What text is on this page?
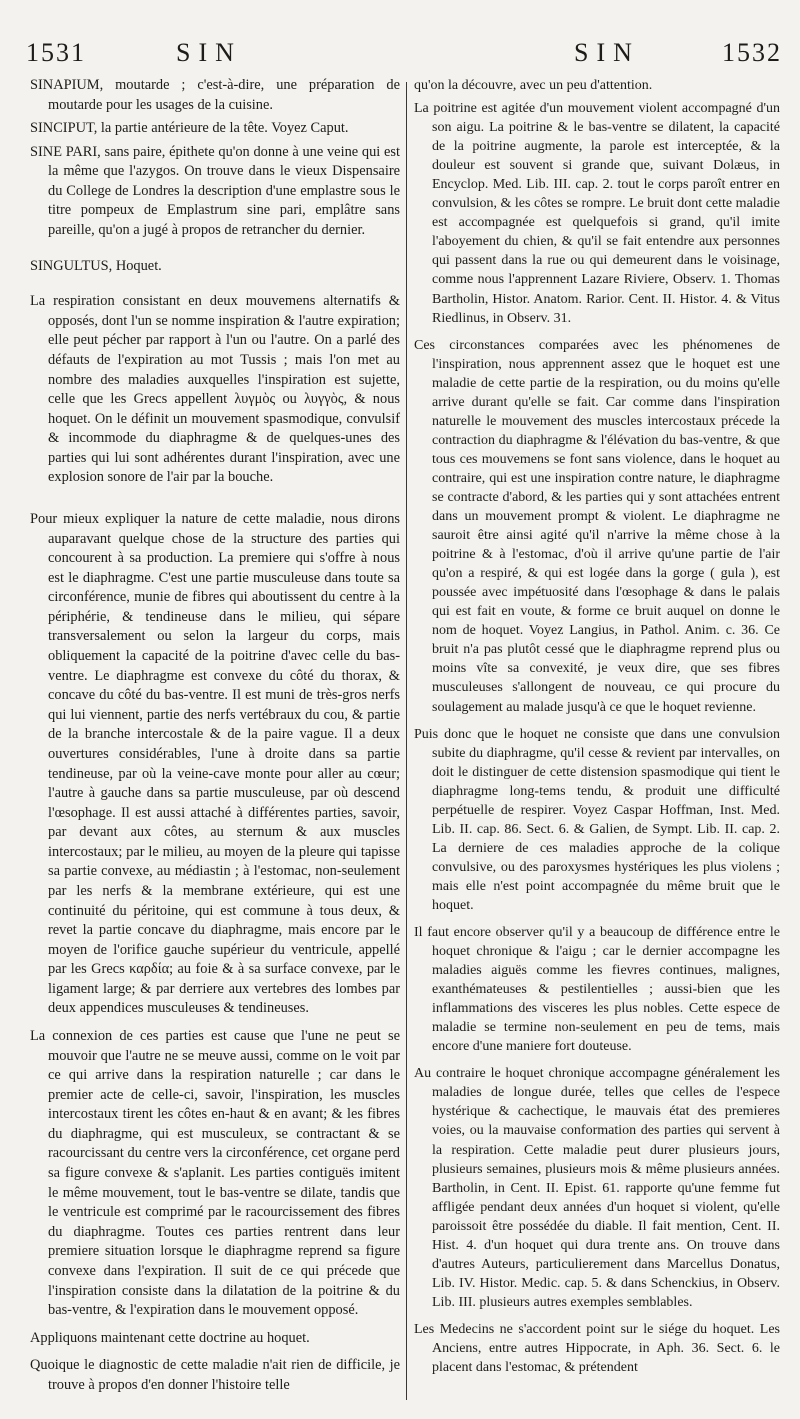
1531	SIN	SIN	1532

SINAPIUM, moutarde ; c'est-à-dire, une préparation de moutarde pour les usages de la cuisine.

SINCIPUT, la partie antérieure de la tête. Voyez Caput.

SINE PARI, sans paire, épithete qu'on donne à une veine qui est la même que l'azygos. On trouve dans le vieux Dispensaire du College de Londres la description d'une emplastre sous le titre pompeux de Emplastrum sine pari, emplâtre sans pareille, qu'on a jugé à propos de retrancher du dernier.

SINGULTUS, Hoquet.

La respiration consistant en deux mouvemens alternatifs & opposés, dont l'un se nomme inspiration & l'autre expiration; elle peut pécher par rapport à l'un ou l'autre. On a parlé des défauts de l'expiration au mot Tussis ; mais l'on met au nombre des maladies auxquelles l'inspiration est sujette, celle que les Grecs appellent λυγμὸς ou λυγγὸς, & nous hoquet. On le définit un mouvement spasmodique, convulsif & incommode du diaphragme & de quelques-unes des parties qui lui sont adhérentes durant l'inspiration, avec une explosion sonore de l'air par la bouche.

Pour mieux expliquer la nature de cette maladie, nous dirons auparavant quelque chose de la structure des parties qui concourent à sa production. La premiere qui s'offre à nous est le diaphragme. C'est une partie musculeuse dans toute sa circonférence, munie de fibres qui aboutissent du centre à la périphérie, & tendineuse dans le milieu, qui sépare transversalement ou selon la largeur du corps, mais obliquement la capacité de la poitrine d'avec celle du bas-ventre. Le diaphragme est convexe du côté du thorax, & concave du côté du bas-ventre. Il est muni de très-gros nerfs qui lui viennent, partie des nerfs vertébraux du cou, & partie de la branche intercostale & de la paire vague. Il a deux ouvertures considérables, l'une à droite dans sa partie tendineuse, par où la veine-cave monte pour aller au cœur; l'autre à gauche dans sa partie musculeuse, par où descend l'œsophage. Il est aussi attaché à différentes parties, savoir, par devant aux côtes, au sternum & aux muscles intercostaux; par le milieu, au moyen de la pleure qui tapisse sa partie convexe, au médiastin ; à l'estomac, non-seulement par les nerfs & la membrane extérieure, qui est une continuité du péritoine, qui est commune à tous deux, & revet la partie concave du diaphragme, mais encore par le moyen de l'orifice gauche supérieur du ventricule, appellé par les Grecs καρδία; au foie & à sa surface convexe, par le ligament large; & par derriere aux vertebres des lombes par deux appendices musculeuses & tendineuses.

La connexion de ces parties est cause que l'une ne peut se mouvoir que l'autre ne se meuve aussi, comme on le voit par ce qui arrive dans la respiration naturelle ; car dans le premier acte de celle-ci, savoir, l'inspiration, les muscles intercostaux tirent les côtes en-haut & en avant; & les fibres du diaphragme, qui est musculeux, se contractant & se racourcissant du centre vers la circonférence, cet organe perd sa figure convexe & s'aplanit. Les parties contiguës imitent le même mouvement, tout le bas-ventre se dilate, tandis que le ventricule est comprimé par le racourcissement des fibres du diaphragme. Toutes ces parties rentrent dans leur premiere situation lorsque le diaphragme reprend sa figure convexe dans l'expiration. Il suit de ce qui précede que l'inspiration consiste dans la dilatation de la poitrine & du bas-ventre, & l'expiration dans le mouvement opposé.

Appliquons maintenant cette doctrine au hoquet.

Quoique le diagnostic de cette maladie n'ait rien de difficile, je trouve à propos d'en donner l'histoire telle

qu'on la découvre, avec un peu d'attention.

La poitrine est agitée d'un mouvement violent accompagné d'un son aigu. La poitrine & le bas-ventre se dilatent, la capacité de la poitrine augmente, la parole est interceptée, & la douleur est souvent si grande que, suivant Dolæus, in Encyclop. Med. Lib. III. cap. 2. tout le corps paroît entrer en convulsion, & les côtes se rompre. Le bruit dont cette maladie est accompagnée est quelquefois si grand, qu'il imite l'aboyement du chien, & qu'il se fait entendre aux personnes qui passent dans la rue ou qui demeurent dans le voisinage, comme nous l'apprennent Lazare Riviere, Observ. 1. Thomas Bartholin, Histor. Anatom. Rarior. Cent. II. Histor. 4. & Vitus Riedlinus, in Observ. 31.

Ces circonstances comparées avec les phénomenes de l'inspiration, nous apprennent assez que le hoquet est une maladie de cette partie de la respiration, ou du moins qu'elle arrive durant qu'elle se fait. Car comme dans l'inspiration naturelle le mouvement des muscles intercostaux précede la contraction du diaphragme & l'élévation du bas-ventre, & que tous ces mouvemens se font sans violence, dans le hoquet au contraire, qui est une inspiration contre nature, le diaphragme se contracte d'abord, & les parties qui y sont attachées entrent dans un mouvement prompt & violent. Le diaphragme ne sauroit être ainsi agité qu'il n'arrive la même chose à la poitrine & à l'estomac, d'où il arrive qu'une partie de l'air qu'on a respiré, & qui est logée dans la gorge ( gula ), est poussée avec impétuosité dans l'œsophage & dans le palais qui est fait en voute, & forme ce bruit auquel on donne le nom de hoquet. Voyez Langius, in Pathol. Anim. c. 36. Ce bruit n'a pas plutôt cessé que le diaphragme reprend plus ou moins vîte sa convexité, je veux dire, que ses fibres musculeuses s'allongent de nouveau, ce qui procure du soulagement au malade jusqu'à ce que le hoquet revienne.

Puis donc que le hoquet ne consiste que dans une convulsion subite du diaphragme, qu'il cesse & revient par intervalles, on doit le distinguer de cette distension spasmodique qui tient le diaphragme long-tems tendu, & produit une difficulté perpétuelle de respirer. Voyez Caspar Hoffman, Inst. Med. Lib. II. cap. 86. Sect. 6. & Galien, de Sympt. Lib. II. cap. 2. La derniere de ces maladies approche de la colique convulsive, ou des paroxysmes hystériques les plus violens ; mais elle n'est point accompagnée du même bruit que le hoquet.

Il faut encore observer qu'il y a beaucoup de différence entre le hoquet chronique & l'aigu ; car le dernier accompagne les maladies aiguës comme les fievres continues, malignes, exanthémateuses & pestilentielles ; aussi-bien que les inflammations des visceres les plus nobles. Cette espece de maladie se termine non-seulement en peu de tems, mais encore d'une maniere fort douteuse.

Au contraire le hoquet chronique accompagne généralement les maladies de longue durée, telles que celles de l'espece hystérique & cachectique, le mauvais état des premieres voies, ou la mauvaise conformation des parties qui servent à la respiration. Cette maladie peut durer plusieurs jours, plusieurs semaines, plusieurs mois & même plusieurs années. Bartholin, in Cent. II. Epist. 61. rapporte qu'une femme fut affligée pendant deux années d'un hoquet si violent, qu'elle paroissoit être possédée du diable. Il fait mention, Cent. II. Hist. 4. d'un hoquet qui dura trente ans. On trouve dans d'autres Auteurs, particulierement dans Marcellus Donatus, Lib. IV. Histor. Medic. cap. 5. & dans Schenckius, in Observ. Lib. III. plusieurs autres exemples semblables.

Les Medecins ne s'accordent point sur le siége du hoquet. Les Anciens, entre autres Hippocrate, in Aph. 36. Sect. 6. le placent dans l'estomac, & prétendent
